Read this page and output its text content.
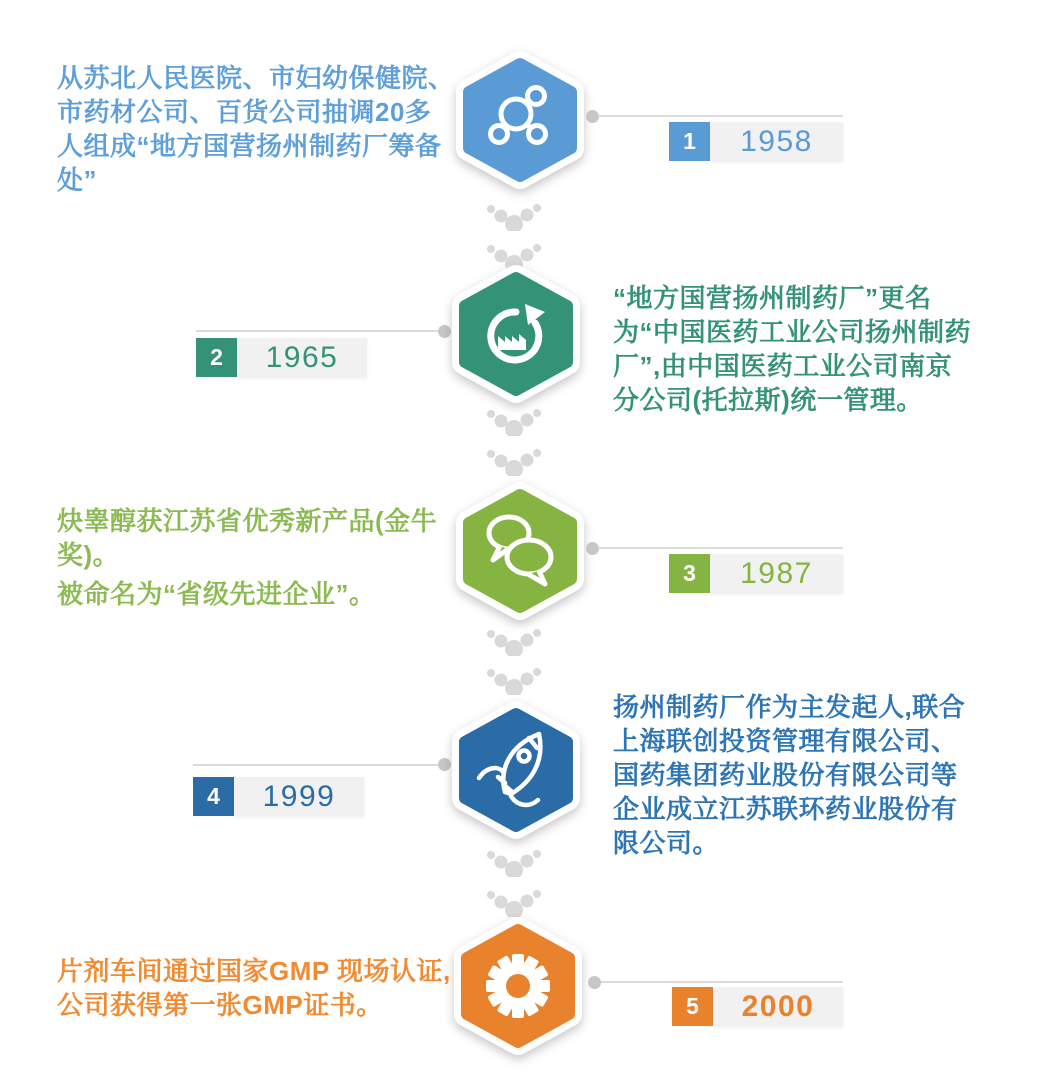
从苏北人民医院、市妇幼保健院、市药材公司、百货公司抽调20多人组成“地方国营扬州制药厂筹备处”
1	1958
2	1965
“地方国营扬州制药厂”更名为“中国医药工业公司扬州制药厂”,由中国医药工业公司南京分公司(托拉斯)统一管理。
炔睾醇获江苏省优秀新产品(金牛奖)。
被命名为“省级先进企业”。
3	1987
4	1999
扬州制药厂作为主发起人,联合上海联创投资管理有限公司、国药集团药业股份有限公司等企业成立江苏联环药业股份有限公司。
片剂车间通过国家GMP 现场认证,公司获得第一张GMP证书。	5	2000
